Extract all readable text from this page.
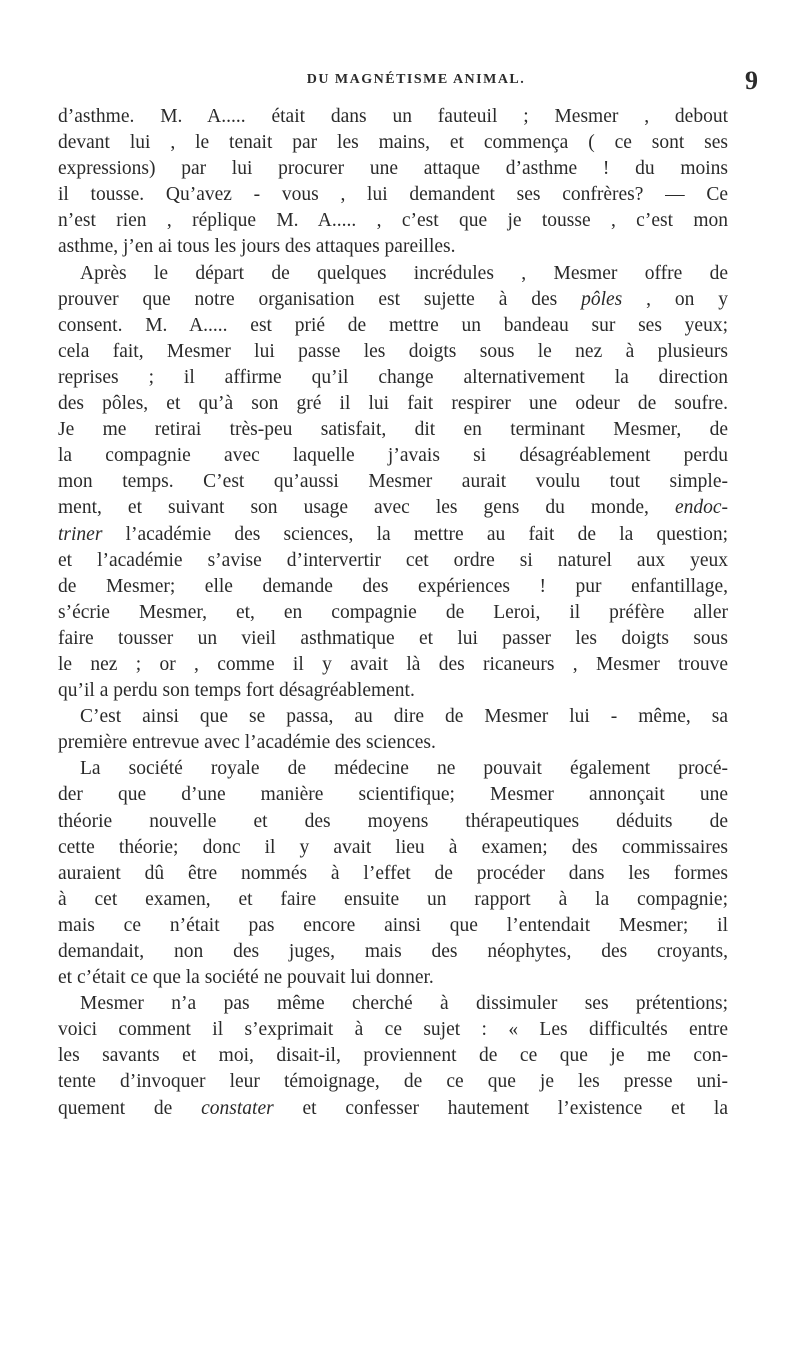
DU MAGNÉTISME ANIMAL.	9
d’asthme. M. A..... était dans un fauteuil ; Mesmer , debout
devant lui , le tenait par les mains, et commença ( ce sont ses
expressions) par lui procurer une attaque d’asthme ! du moins
il tousse. Qu’avez - vous , lui demandent ses confrères? — Ce
n’est rien , réplique M. A..... , c’est que je tousse , c’est mon
asthme, j’en ai tous les jours des attaques pareilles.
Après le départ de quelques incrédules , Mesmer offre de
prouver que notre organisation est sujette à des pôles , on y
consent. M. A..... est prié de mettre un bandeau sur ses yeux;
cela fait, Mesmer lui passe les doigts sous le nez à plusieurs
reprises ; il affirme qu’il change alternativement la direction
des pôles, et qu’à son gré il lui fait respirer une odeur de soufre.
Je me retirai très-peu satisfait, dit en terminant Mesmer, de
la compagnie avec laquelle j’avais si désagréablement perdu
mon temps. C’est qu’aussi Mesmer aurait voulu tout simple-
ment, et suivant son usage avec les gens du monde, endoc-
triner l’académie des sciences, la mettre au fait de la question;
et l’académie s’avise d’intervertir cet ordre si naturel aux yeux
de Mesmer; elle demande des expériences ! pur enfantillage,
s’écrie Mesmer, et, en compagnie de Leroi, il préfère aller
faire tousser un vieil asthmatique et lui passer les doigts sous
le nez ; or , comme il y avait là des ricaneurs , Mesmer trouve
qu’il a perdu son temps fort désagréablement.
C’est ainsi que se passa, au dire de Mesmer lui - même, sa
première entrevue avec l’académie des sciences.
La société royale de médecine ne pouvait également procé-
der que d’une manière scientifique; Mesmer annonçait une
théorie nouvelle et des moyens thérapeutiques déduits de
cette théorie; donc il y avait lieu à examen; des commissaires
auraient dû être nommés à l’effet de procéder dans les formes
à cet examen, et faire ensuite un rapport à la compagnie;
mais ce n’était pas encore ainsi que l’entendait Mesmer; il
demandait, non des juges, mais des néophytes, des croyants,
et c’était ce que la société ne pouvait lui donner.
Mesmer n’a pas même cherché à dissimuler ses prétentions;
voici comment il s’exprimait à ce sujet : « Les difficultés entre
les savants et moi, disait-il, proviennent de ce que je me con-
tente d’invoquer leur témoignage, de ce que je les presse uni-
quement de constater et confesser hautement l’existence et la
